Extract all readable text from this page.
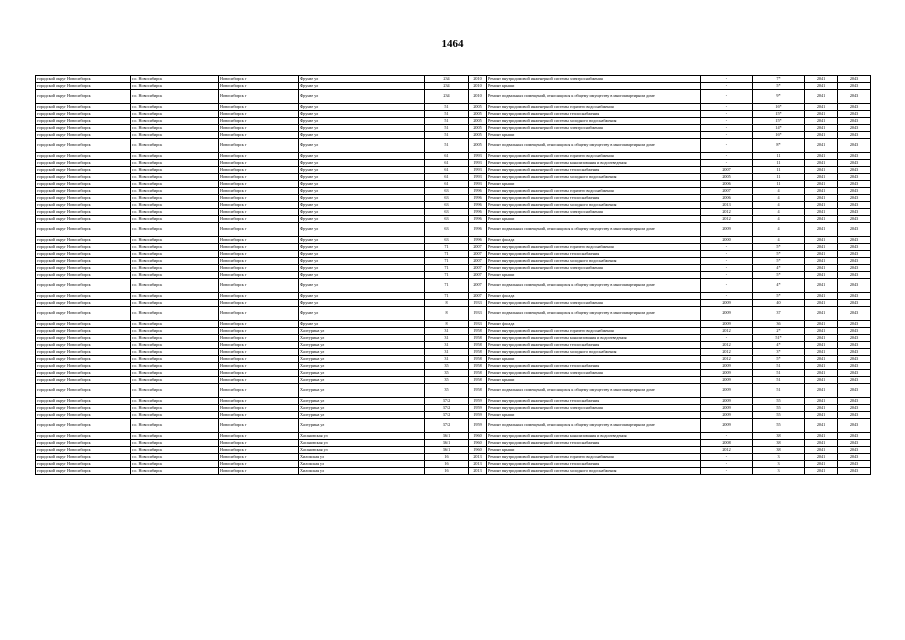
1464
городской округ Новосибирск	г.о. Новосибирск	Новосибирск г	Фрунзе ул	234	2010	Ремонт внутридомовой инженерной системы электроснабжения	-	7*	2041	2043
городской округ Новосибирск	г.о. Новосибирск	Новосибирск г	Фрунзе ул	234	2010	Ремонт крыши	-	5*	2041	2043
городской округ Новосибирск	г.о. Новосибирск	Новосибирск г	Фрунзе ул	234	2010	Ремонт подвальных помещений, относящихся к общему имуществу в многоквартирном доме	-	9*	2041	2043
городской округ Новосибирск	г.о. Новосибирск	Новосибирск г	Фрунзе ул	51	2005	Ремонт внутридомовой инженерной системы горячего водоснабжения	-	16*	2041	2043
городской округ Новосибирск	г.о. Новосибирск	Новосибирск г	Фрунзе ул	51	2005	Ремонт внутридомовой инженерной системы теплоснабжения	-	15*	2041	2043
городской округ Новосибирск	г.о. Новосибирск	Новосибирск г	Фрунзе ул	51	2005	Ремонт внутридомовой инженерной системы холодного водоснабжения	-	15*	2041	2043
городской округ Новосибирск	г.о. Новосибирск	Новосибирск г	Фрунзе ул	51	2005	Ремонт внутридомовой инженерной системы электроснабжения	-	14*	2041	2043
городской округ Новосибирск	г.о. Новосибирск	Новосибирск г	Фрунзе ул	51	2005	Ремонт крыши	-	16*	2041	2043
городской округ Новосибирск	г.о. Новосибирск	Новосибирск г	Фрунзе ул	51	2005	Ремонт подвальных помещений, относящихся к общему имуществу в многоквартирном доме	-	8*	2041	2043
городской округ Новосибирск	г.о. Новосибирск	Новосибирск г	Фрунзе ул	61	1993	Ремонт внутридомовой инженерной системы горячего водоснабжения	-	11	2041	2043
городской округ Новосибирск	г.о. Новосибирск	Новосибирск г	Фрунзе ул	61	1993	Ремонт внутридомовой инженерной системы канализования и водоотведения	-	11	2041	2043
городской округ Новосибирск	г.о. Новосибирск	Новосибирск г	Фрунзе ул	61	1993	Ремонт внутридомовой инженерной системы теплоснабжения	2007	11	2041	2043
городской округ Новосибирск	г.о. Новосибирск	Новосибирск г	Фрунзе ул	61	1993	Ремонт внутридомовой инженерной системы холодного водоснабжения	2005	11	2041	2043
городской округ Новосибирск	г.о. Новосибирск	Новосибирск г	Фрунзе ул	61	1993	Ремонт крыши	2006	11	2041	2043
городской округ Новосибирск	г.о. Новосибирск	Новосибирск г	Фрунзе ул	63	1996	Ремонт внутридомовой инженерной системы горячего водоснабжения	2007	4	2041	2043
городской округ Новосибирск	г.о. Новосибирск	Новосибирск г	Фрунзе ул	63	1996	Ремонт внутридомовой инженерной системы теплоснабжения	2006	4	2041	2043
городской округ Новосибирск	г.о. Новосибирск	Новосибирск г	Фрунзе ул	63	1996	Ремонт внутридомовой инженерной системы холодного водоснабжения	2013	4	2041	2043
городской округ Новосибирск	г.о. Новосибирск	Новосибирск г	Фрунзе ул	63	1996	Ремонт внутридомовой инженерной системы электроснабжения	2012	4	2041	2043
городской округ Новосибирск	г.о. Новосибирск	Новосибирск г	Фрунзе ул	63	1996	Ремонт крыши	2012	4	2041	2043
городской округ Новосибирск	г.о. Новосибирск	Новосибирск г	Фрунзе ул	63	1996	Ремонт подвальных помещений, относящихся к общему имуществу в многоквартирном доме	2009	4	2041	2043
городской округ Новосибирск	г.о. Новосибирск	Новосибирск г	Фрунзе ул	63	1996	Ремонт фасада	2000	4	2041	2043
городской округ Новосибирск	г.о. Новосибирск	Новосибирск г	Фрунзе ул	71	2007	Ремонт внутридомовой инженерной системы горячего водоснабжения	-	5*	2041	2043
городской округ Новосибирск	г.о. Новосибирск	Новосибирск г	Фрунзе ул	71	2007	Ремонт внутридомовой инженерной системы теплоснабжения	-	5*	2041	2043
городской округ Новосибирск	г.о. Новосибирск	Новосибирск г	Фрунзе ул	71	2007	Ремонт внутридомовой инженерной системы холодного водоснабжения	-	5*	2041	2043
городской округ Новосибирск	г.о. Новосибирск	Новосибирск г	Фрунзе ул	71	2007	Ремонт внутридомовой инженерной системы электроснабжения	-	4*	2041	2043
городской округ Новосибирск	г.о. Новосибирск	Новосибирск г	Фрунзе ул	71	2007	Ремонт крыши	-	5*	2041	2043
городской округ Новосибирск	г.о. Новосибирск	Новосибирск г	Фрунзе ул	71	2007	Ремонт подвальных помещений, относящихся к общему имуществу в многоквартирном доме	-	4*	2041	2043
городской округ Новосибирск	г.о. Новосибирск	Новосибирск г	Фрунзе ул	71	2007	Ремонт фасада	-	5*	2041	2043
городской округ Новосибирск	г.о. Новосибирск	Новосибирск г	Фрунзе ул	8	1933	Ремонт внутридомовой инженерной системы электроснабжения	2009	40	2041	2043
городской округ Новосибирск	г.о. Новосибирск	Новосибирск г	Фрунзе ул	8	1933	Ремонт подвальных помещений, относящихся к общему имуществу в многоквартирном доме	2009	37	2041	2043
городской округ Новосибирск	г.о. Новосибирск	Новосибирск г	Фрунзе ул	8	1933	Ремонт фасада	2009	36	2041	2043
городской округ Новосибирск	г.о. Новосибирск	Новосибирск г	Халтурина ул	31	1958	Ремонт внутридомовой инженерной системы горячего водоснабжения	2012	2*	2041	2043
городской округ Новосибирск	г.о. Новосибирск	Новосибирск г	Халтурина ул	31	1958	Ремонт внутридомовой инженерной системы канализования и водоотведения	-	51*	2041	2043
городской округ Новосибирск	г.о. Новосибирск	Новосибирск г	Халтурина ул	31	1958	Ремонт внутридомовой инженерной системы теплоснабжения	2012	4*	2041	2043
городской округ Новосибирск	г.о. Новосибирск	Новосибирск г	Халтурина ул	31	1958	Ремонт внутридомовой инженерной системы холодного водоснабжения	2012	3*	2041	2043
городской округ Новосибирск	г.о. Новосибирск	Новосибирск г	Халтурина ул	31	1958	Ремонт крыши	2012	5*	2041	2043
городской округ Новосибирск	г.о. Новосибирск	Новосибирск г	Халтурина ул	35	1958	Ремонт внутридомовой инженерной системы теплоснабжения	2009	51	2041	2043
городской округ Новосибирск	г.о. Новосибирск	Новосибирск г	Халтурина ул	35	1958	Ремонт внутридомовой инженерной системы электроснабжения	2009	51	2041	2043
городской округ Новосибирск	г.о. Новосибирск	Новосибирск г	Халтурина ул	35	1958	Ремонт крыши	2009	51	2041	2043
городской округ Новосибирск	г.о. Новосибирск	Новосибирск г	Халтурина ул	35	1958	Ремонт подвальных помещений, относящихся к общему имуществу в многоквартирном доме	2009	51	2041	2043
городской округ Новосибирск	г.о. Новосибирск	Новосибирск г	Халтурина ул	37/2	1959	Ремонт внутридомовой инженерной системы теплоснабжения	2009	55	2041	2043
городской округ Новосибирск	г.о. Новосибирск	Новосибирск г	Халтурина ул	37/2	1959	Ремонт внутридомовой инженерной системы электроснабжения	2009	55	2041	2043
городской округ Новосибирск	г.о. Новосибирск	Новосибирск г	Халтурина ул	37/2	1959	Ремонт крыши	2009	55	2041	2043
городской округ Новосибирск	г.о. Новосибирск	Новосибирск г	Халтурина ул	37/2	1959	Ремонт подвальных помещений, относящихся к общему имуществу в многоквартирном доме	2009	55	2041	2043
городской округ Новосибирск	г.о. Новосибирск	Новосибирск г	Хасановская ул	36/1	1960	Ремонт внутридомовой инженерной системы канализования и водоотведения	-	38	2041	2043
городской округ Новосибирск	г.о. Новосибирск	Новосибирск г	Хасановская ул	36/1	1960	Ремонт внутридомовой инженерной системы теплоснабжения	2008	38	2041	2043
городской округ Новосибирск	г.о. Новосибирск	Новосибирск г	Хасановская ул	36/1	1960	Ремонт крыши	2012	38	2041	2043
городской округ Новосибирск	г.о. Новосибирск	Новосибирск г	Хилокская ул	16	2013	Ремонт внутридомовой инженерной системы горячего водоснабжения	-	3	2041	2043
городской округ Новосибирск	г.о. Новосибирск	Новосибирск г	Хилокская ул	16	2013	Ремонт внутридомовой инженерной системы теплоснабжения	-	3	2041	2043
городской округ Новосибирск	г.о. Новосибирск	Новосибирск г	Хилокская ул	16	2013	Ремонт внутридомовой инженерной системы холодного водоснабжения	-	3	2041	2043
